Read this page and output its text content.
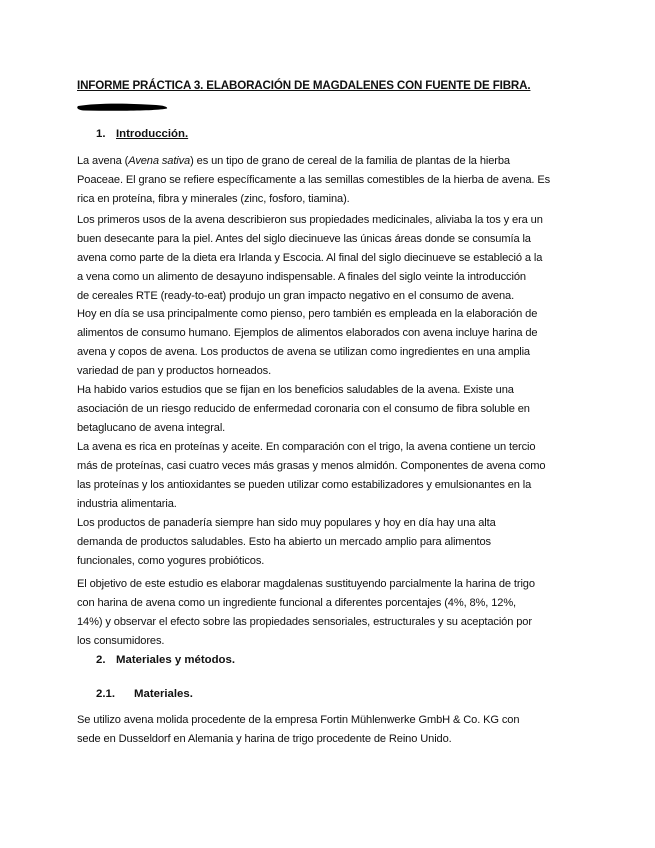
INFORME PRÁCTICA 3. ELABORACIÓN DE MAGDALENES CON FUENTE DE FIBRA.
1. Introducción.
La avena (Avena sativa) es un tipo de grano de cereal de la familia de plantas de la hierba
Poaceae. El grano se refiere específicamente a las semillas comestibles de la hierba de avena. Es
rica en proteína, fibra y minerales (zinc, fosforo, tiamina).
Los primeros usos de la avena describieron sus propiedades medicinales, aliviaba la tos y era un
buen desecante para la piel. Antes del siglo diecinueve las únicas áreas donde se consumía la
avena como parte de la dieta era Irlanda y Escocia. Al final del siglo diecinueve se estableció a la
a vena como un alimento de desayuno indispensable. A finales del siglo veinte la introducción
de cereales RTE (ready-to-eat) produjo un gran impacto negativo en el consumo de avena.
Hoy en día se usa principalmente como pienso, pero también es empleada en la elaboración de
alimentos de consumo humano. Ejemplos de alimentos elaborados con avena incluye harina de
avena y copos de avena. Los productos de avena se utilizan como ingredientes en una amplia
variedad de pan y productos horneados.
Ha habido varios estudios que se fijan en los beneficios saludables de la avena. Existe una
asociación de un riesgo reducido de enfermedad coronaria con el consumo de fibra soluble en
betaglucano de avena integral.
La avena es rica en proteínas y aceite. En comparación con el trigo, la avena contiene un tercio
más de proteínas, casi cuatro veces más grasas y menos almidón. Componentes de avena como
las proteínas y los antioxidantes se pueden utilizar como estabilizadores y emulsionantes en la
industria alimentaria.
Los productos de panadería siempre han sido muy populares y hoy en día hay una alta
demanda de productos saludables. Esto ha abierto un mercado amplio para alimentos
funcionales, como yogures probióticos.
El objetivo de este estudio es elaborar magdalenas sustituyendo parcialmente la harina de trigo
con harina de avena como un ingrediente funcional a diferentes porcentajes (4%, 8%, 12%,
14%) y observar el efecto sobre las propiedades sensoriales, estructurales y su aceptación por
los consumidores.
2. Materiales y métodos.
2.1. Materiales.
Se utilizo avena molida procedente de la empresa Fortin Mühlenwerke GmbH & Co. KG con
sede en Dusseldorf en Alemania y harina de trigo procedente de Reino Unido.
